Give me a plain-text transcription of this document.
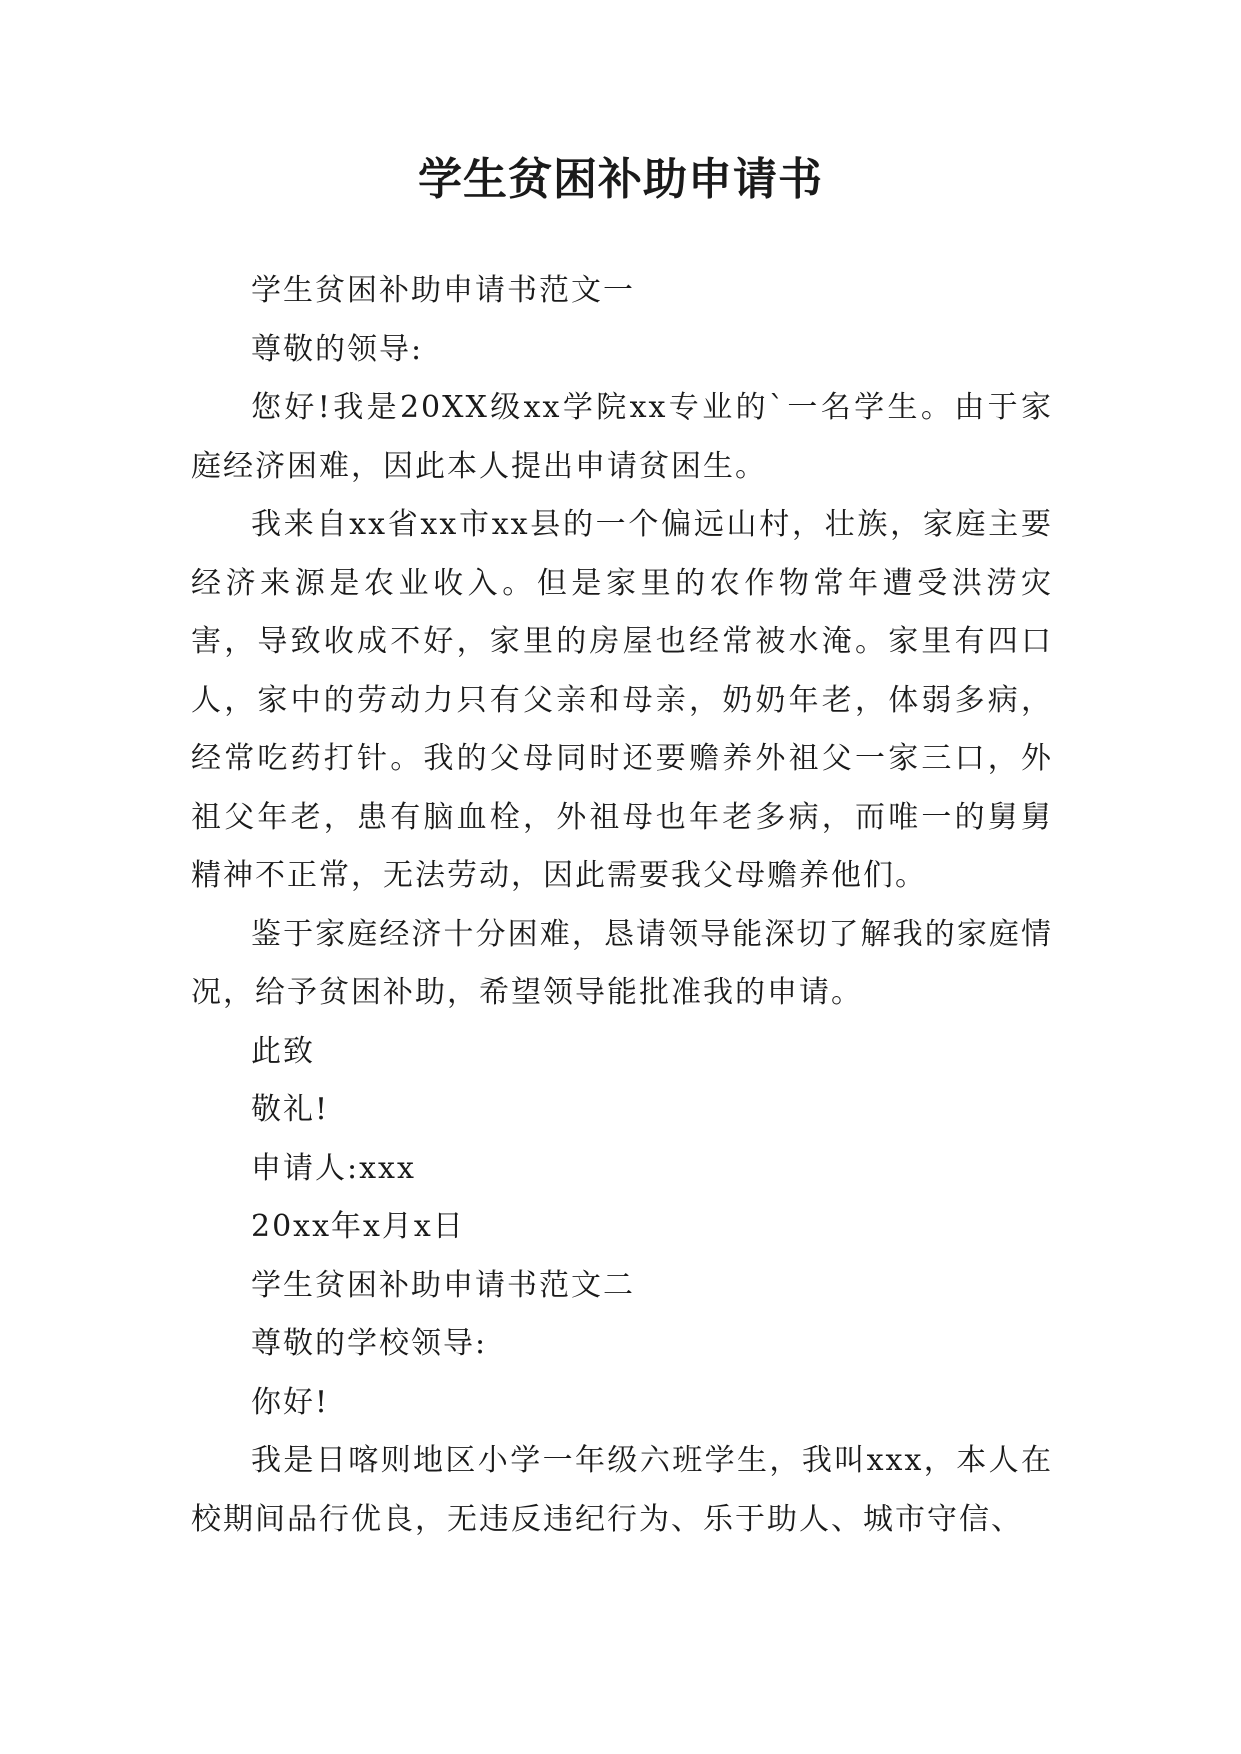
学生贫困补助申请书

学生贫困补助申请书范文一

尊敬的领导:

您好!我是20XX级xx学院xx专业的`一名学生。由于家庭经济困难，因此本人提出申请贫困生。

我来自xx省xx市xx县的一个偏远山村，壮族，家庭主要经济来源是农业收入。但是家里的农作物常年遭受洪涝灾害，导致收成不好，家里的房屋也经常被水淹。家里有四口人，家中的劳动力只有父亲和母亲，奶奶年老，体弱多病，经常吃药打针。我的父母同时还要赡养外祖父一家三口，外祖父年老，患有脑血栓，外祖母也年老多病，而唯一的舅舅精神不正常，无法劳动，因此需要我父母赡养他们。

鉴于家庭经济十分困难，恳请领导能深切了解我的家庭情况，给予贫困补助，希望领导能批准我的申请。

此致

敬礼!

申请人:xxx

20xx年x月x日

学生贫困补助申请书范文二

尊敬的学校领导:

你好!

我是日喀则地区小学一年级六班学生，我叫xxx，本人在校期间品行优良，无违反违纪行为、乐于助人、城市守信、
